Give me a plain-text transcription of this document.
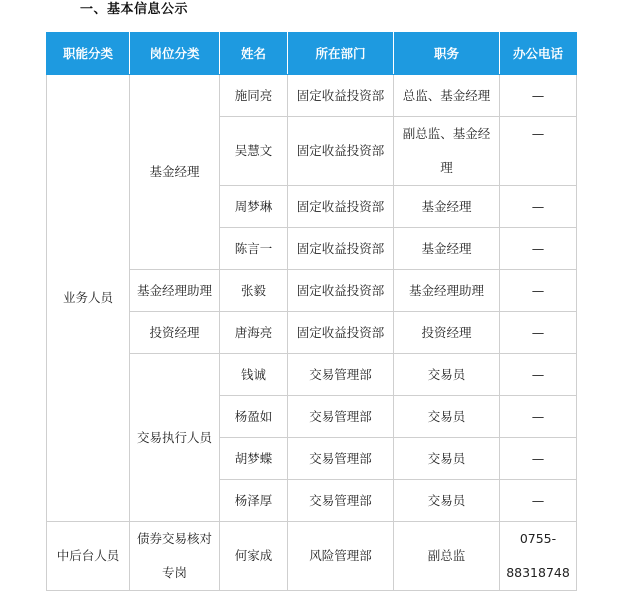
一、基本信息公示
职能分类	岗位分类	姓名	所在部门	职务	办公电话
业务人员	基金经理	施同亮	固定收益投资部	总监、基金经理	—
		吴慧文	固定收益投资部	副总监、基金经理	—
		周梦琳	固定收益投资部	基金经理	—
		陈言一	固定收益投资部	基金经理	—
	基金经理助理	张毅	固定收益投资部	基金经理助理	—
	投资经理	唐海亮	固定收益投资部	投资经理	—
	交易执行人员	钱诚	交易管理部	交易员	—
		杨盈如	交易管理部	交易员	—
		胡梦蝶	交易管理部	交易员	—
		杨泽厚	交易管理部	交易员	—
中后台人员	债券交易核对专岗	何家成	风险管理部	副总监	0755-88318748
